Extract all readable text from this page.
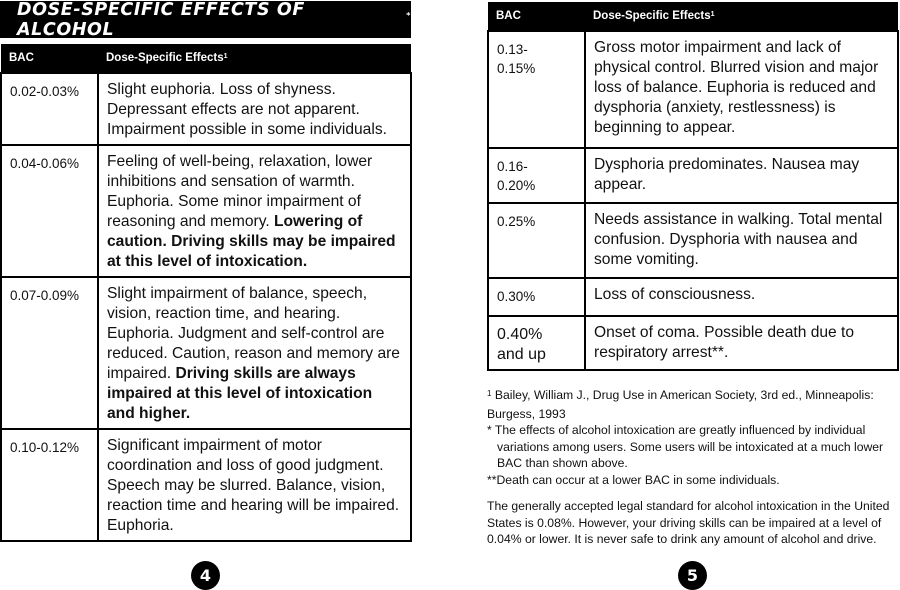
DOSE-SPECIFIC EFFECTS OF ALCOHOL
*
BAC	Dose-Specific Effects$^1$
0.02-0.03%	Slight euphoria. Loss of shyness. Depressant effects are not apparent. Impairment possible in some individuals.
0.04-0.06%	Feeling of well-being, relaxation, lower inhibitions and sensation of warmth. Euphoria. Some minor impairment of reasoning and memory. Lowering of caution. Driving skills may be impaired at this level of intoxication.
0.07-0.09%	Slight impairment of balance, speech, vision, reaction time, and hearing. Euphoria. Judgment and self-control are reduced. Caution, reason and memory are impaired. Driving skills are always impaired at this level of intoxication and higher.
0.10-0.12%	Significant impairment of motor coordination and loss of good judgment. Speech may be slurred. Balance, vision, reaction time and hearing will be impaired. Euphoria.
BAC	Dose-Specific Effects$^1$
0.13-
0.15%	Gross motor impairment and lack of physical control. Blurred vision and major loss of balance. Euphoria is reduced and dysphoria (anxiety, restlessness) is beginning to appear.
0.16-
0.20%	Dysphoria predominates. Nausea may appear.
0.25%	Needs assistance in walking. Total mental confusion. Dysphoria with nausea and some vomiting.
0.30%	Loss of consciousness.
0.40%
and up	Onset of coma. Possible death due to respiratory arrest**.

$^1$ Bailey, William J., Drug Use in American Society, 3rd ed., Minneapolis: Burgess, 1993

* The effects of alcohol intoxication are greatly influenced by individual variations among users. Some users will be intoxicated at a much lower BAC than shown above.

**Death can occur at a lower BAC in some individuals.

The generally accepted legal standard for alcohol intoxication in the United States is 0.08%. However, your driving skills can be impaired at a level of 0.04% or lower. It is never safe to drink any amount of alcohol and drive.

4	5
